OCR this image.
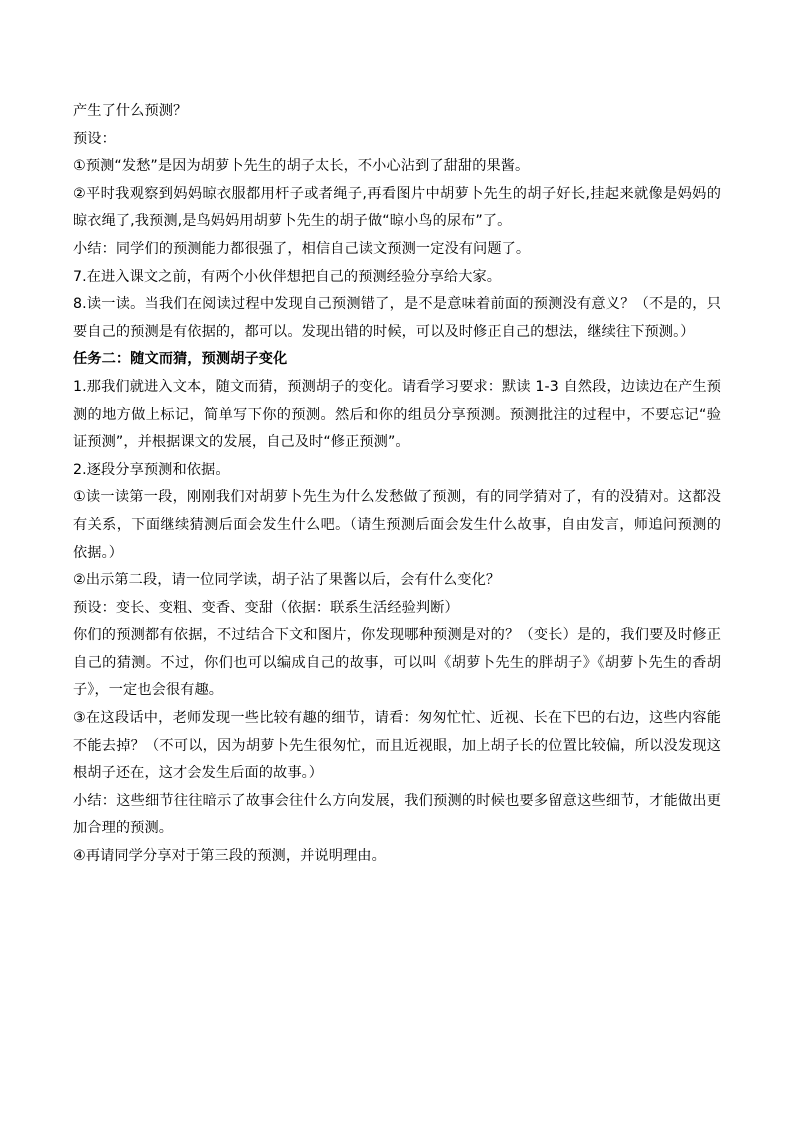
产生了什么预测？

预设：

①预测“发愁”是因为胡萝卜先生的胡子太长，不小心沾到了甜甜的果酱。

②平时我观察到妈妈晾衣服都用杆子或者绳子,再看图片中胡萝卜先生的胡子好长,挂起来就像是妈妈的晾衣绳了,我预测,是鸟妈妈用胡萝卜先生的胡子做“晾小鸟的尿布”了。

小结：同学们的预测能力都很强了，相信自己读文预测一定没有问题了。

7.在进入课文之前，有两个小伙伴想把自己的预测经验分享给大家。

8.读一读。当我们在阅读过程中发现自己预测错了，是不是意味着前面的预测没有意义？（不是的，只要自己的预测是有依据的，都可以。发现出错的时候，可以及时修正自己的想法，继续往下预测。）

任务二：随文而猜，预测胡子变化

1.那我们就进入文本，随文而猜，预测胡子的变化。请看学习要求：默读 1-3 自然段，边读边在产生预测的地方做上标记，简单写下你的预测。然后和你的组员分享预测。预测批注的过程中，不要忘记“验证预测”，并根据课文的发展，自己及时“修正预测”。

2.逐段分享预测和依据。

①读一读第一段，刚刚我们对胡萝卜先生为什么发愁做了预测，有的同学猜对了，有的没猜对。这都没有关系，下面继续猜测后面会发生什么吧。（请生预测后面会发生什么故事，自由发言，师追问预测的依据。）

②出示第二段，请一位同学读，胡子沾了果酱以后，会有什么变化？

预设：变长、变粗、变香、变甜（依据：联系生活经验判断）

你们的预测都有依据，不过结合下文和图片，你发现哪种预测是对的？（变长）是的，我们要及时修正自己的猜测。不过，你们也可以编成自己的故事，可以叫《胡萝卜先生的胖胡子》《胡萝卜先生的香胡子》，一定也会很有趣。

③在这段话中，老师发现一些比较有趣的细节，请看：匆匆忙忙、近视、长在下巴的右边，这些内容能不能去掉？（不可以，因为胡萝卜先生很匆忙，而且近视眼，加上胡子长的位置比较偏，所以没发现这根胡子还在，这才会发生后面的故事。）

小结：这些细节往往暗示了故事会往什么方向发展，我们预测的时候也要多留意这些细节，才能做出更加合理的预测。

④再请同学分享对于第三段的预测，并说明理由。
